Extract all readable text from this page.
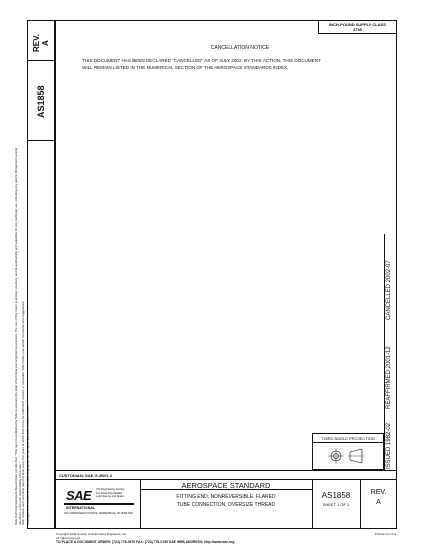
REV. A
AS1858
SAE Technical Standards Board Rules provide that: "This report is published by SAE to advance the state of technical and engineering sciences. The use of this report is entirely voluntary, and its applicability and suitability for any particular use, including any patent infringement arising therefrom, is the sole responsibility of the user." SAE reviews each technical report at least every five years at which time it may be reaffirmed, revised, or cancelled. SAE invites your written comments and suggestions. Copyright 2002 Society of Automotive Engineers, Inc. All rights reserved. Printed in U.S.A.
INCH-POUND SUPPLY CLASS
4730
CANCELLATION NOTICE
THIS DOCUMENT HAS BEEN DECLARED "CANCELLED" AS OF JULY 2002. BY THIS ACTION, THIS DOCUMENT
WILL REMAIN LISTED IN THE NUMERICAL SECTION OF THE AEROSPACE STANDARDS INDEX.
ISSUED 1982-02
REAFFIRMED 2001-12
CANCELLED 2002-07
THIRD ANGLE PROJECTION
CUSTODIAN: SAE G-3B/G-3
SAE
INTERNATIONAL
The Engineering Society
For Advancing Mobility
Land Sea Air and Space
400 COMMONWEALTH DRIVE, WARRENDALE, PA 15096-0001
AEROSPACE STANDARD
FITTING END, NONREVERSIBLE, FLARED
TUBE CONNECTION, OVERSIZE THREAD
AS1858
SHEET 1 OF 2
REV.
A
Copyright 2002 Society of Automotive Engineers, Inc.
All rights reserved.
TO PLACE A DOCUMENT ORDER: (724) 776-4970 FAX: (724) 776-0790 SAE WEB ADDRESS: http://www.sae.org
Printed in U.S.A.
